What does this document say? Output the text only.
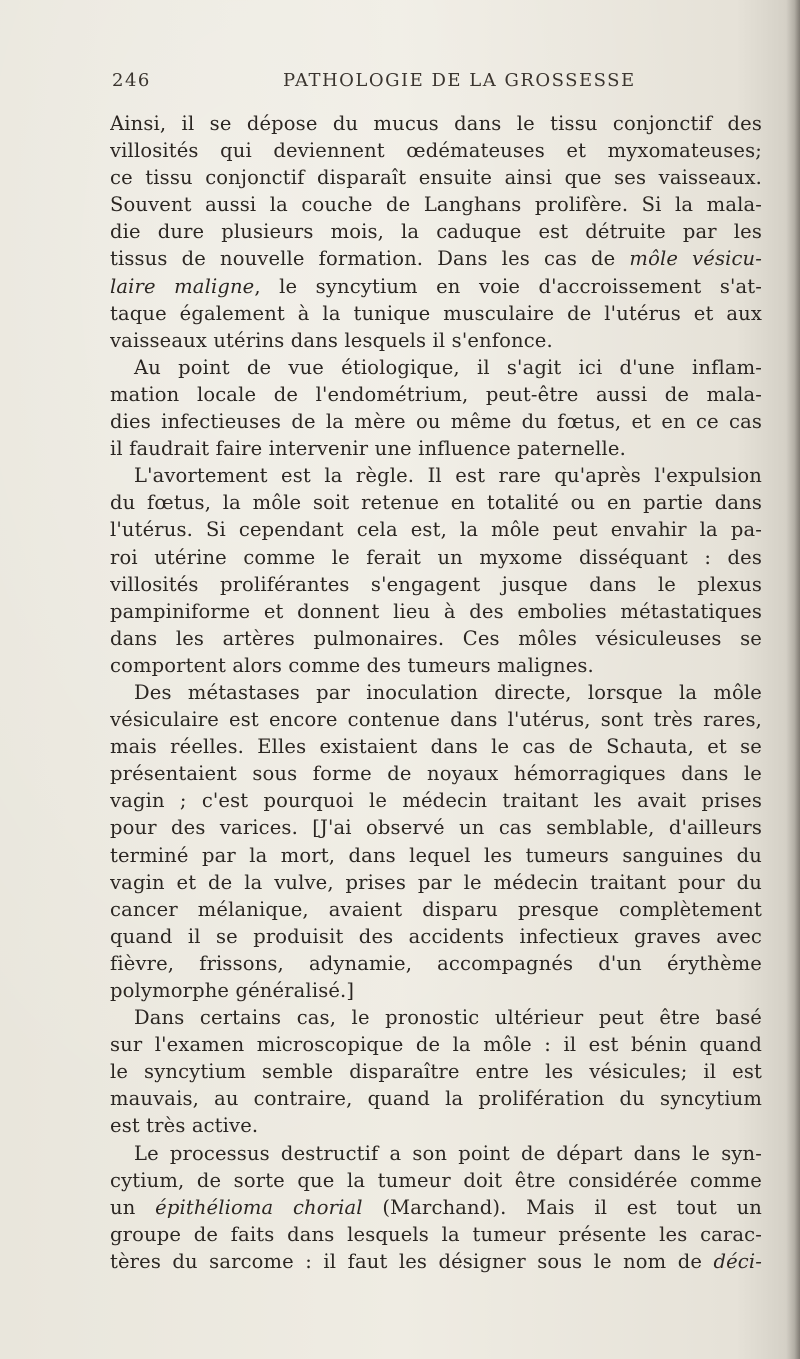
246	PATHOLOGIE DE LA GROSSESSE
Ainsi, il se dépose du mucus dans le tissu conjonctif des
villosités qui deviennent œdémateuses et myxomateuses;
ce tissu conjonctif disparaît ensuite ainsi que ses vaisseaux.
Souvent aussi la couche de Langhans prolifère. Si la mala-
die dure plusieurs mois, la caduque est détruite par les
tissus de nouvelle formation. Dans les cas de môle vésicu-
laire maligne, le syncytium en voie d'accroissement s'at-
taque également à la tunique musculaire de l'utérus et aux
vaisseaux utérins dans lesquels il s'enfonce.
Au point de vue étiologique, il s'agit ici d'une inflam-
mation locale de l'endométrium, peut-être aussi de mala-
dies infectieuses de la mère ou même du fœtus, et en ce cas
il faudrait faire intervenir une influence paternelle.
L'avortement est la règle. Il est rare qu'après l'expulsion
du fœtus, la môle soit retenue en totalité ou en partie dans
l'utérus. Si cependant cela est, la môle peut envahir la pa-
roi utérine comme le ferait un myxome disséquant : des
villosités proliférantes s'engagent jusque dans le plexus
pampiniforme et donnent lieu à des embolies métastatiques
dans les artères pulmonaires. Ces môles vésiculeuses se
comportent alors comme des tumeurs malignes.
Des métastases par inoculation directe, lorsque la môle
vésiculaire est encore contenue dans l'utérus, sont très rares,
mais réelles. Elles existaient dans le cas de Schauta, et se
présentaient sous forme de noyaux hémorragiques dans le
vagin ; c'est pourquoi le médecin traitant les avait prises
pour des varices. [J'ai observé un cas semblable, d'ailleurs
terminé par la mort, dans lequel les tumeurs sanguines du
vagin et de la vulve, prises par le médecin traitant pour du
cancer mélanique, avaient disparu presque complètement
quand il se produisit des accidents infectieux graves avec
fièvre, frissons, adynamie, accompagnés d'un érythème
polymorphe généralisé.]
Dans certains cas, le pronostic ultérieur peut être basé
sur l'examen microscopique de la môle : il est bénin quand
le syncytium semble disparaître entre les vésicules; il est
mauvais, au contraire, quand la prolifération du syncytium
est très active.
Le processus destructif a son point de départ dans le syn-
cytium, de sorte que la tumeur doit être considérée comme
un épithélioma chorial (Marchand). Mais il est tout un
groupe de faits dans lesquels la tumeur présente les carac-
tères du sarcome : il faut les désigner sous le nom de déci-
